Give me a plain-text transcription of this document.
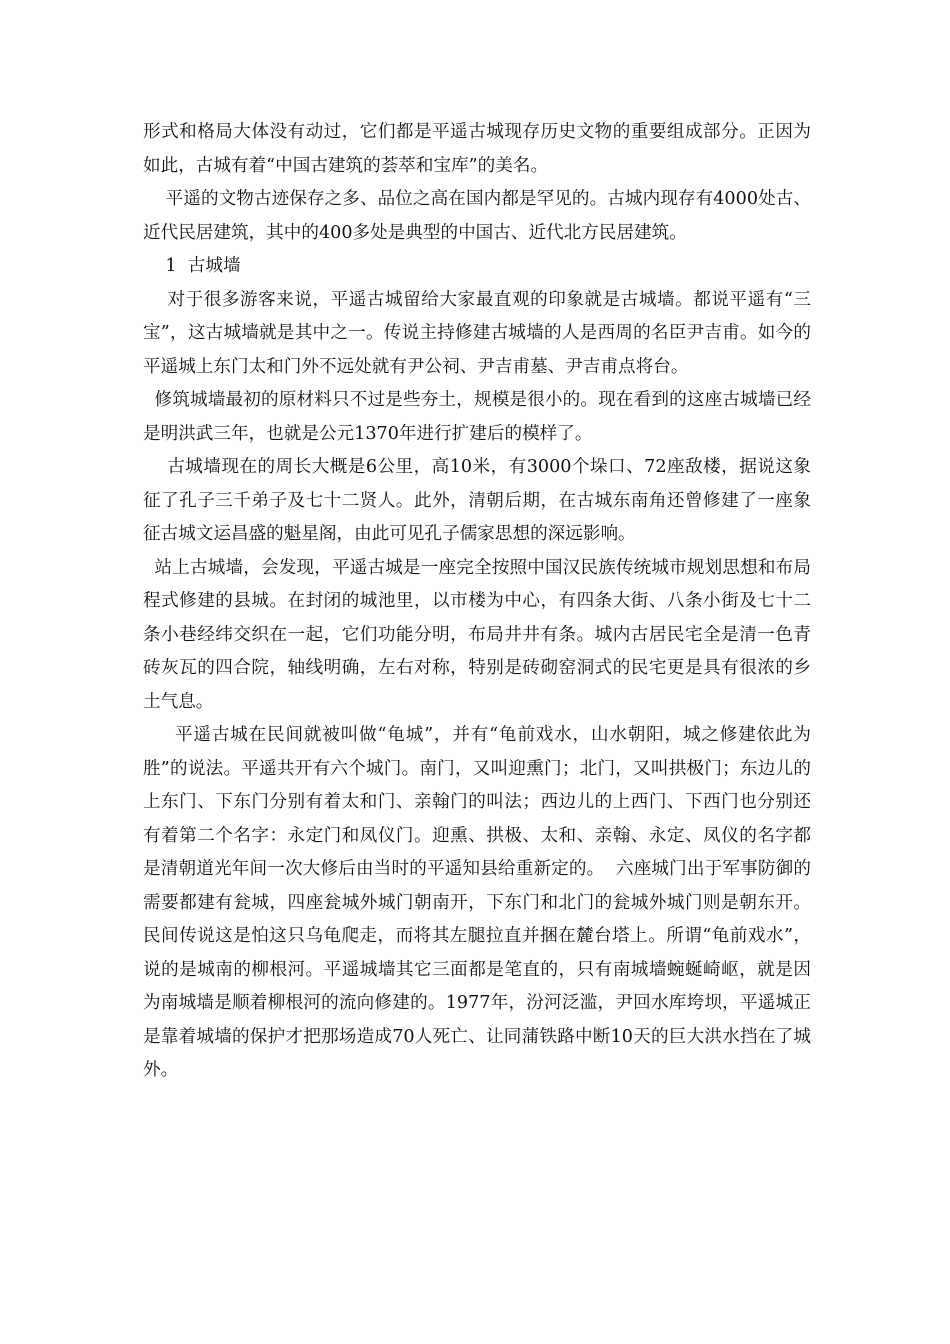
形式和格局大体没有动过，它们都是平遥古城现存历史文物的重要组成部分。正因为如此，古城有着“中国古建筑的荟萃和宝库”的美名。

平遥的文物古迹保存之多、品位之高在国内都是罕见的。古城内现存有4000处古、近代民居建筑，其中的400多处是典型的中国古、近代北方民居建筑。

1  古城墙

对于很多游客来说，平遥古城留给大家最直观的印象就是古城墙。都说平遥有“三宝”，这古城墙就是其中之一。传说主持修建古城墙的人是西周的名臣尹吉甫。如今的平遥城上东门太和门外不远处就有尹公祠、尹吉甫墓、尹吉甫点将台。

修筑城墙最初的原材料只不过是些夯土，规模是很小的。现在看到的这座古城墙已经是明洪武三年，也就是公元1370年进行扩建后的模样了。

古城墙现在的周长大概是6公里，高10米，有3000个垛口、72座敌楼，据说这象征了孔子三千弟子及七十二贤人。此外，清朝后期，在古城东南角还曾修建了一座象征古城文运昌盛的魁星阁，由此可见孔子儒家思想的深远影响。

站上古城墙，会发现，平遥古城是一座完全按照中国汉民族传统城市规划思想和布局程式修建的县城。在封闭的城池里，以市楼为中心，有四条大街、八条小街及七十二条小巷经纬交织在一起，它们功能分明，布局井井有条。城内古居民宅全是清一色青砖灰瓦的四合院，轴线明确，左右对称，特别是砖砌窑洞式的民宅更是具有很浓的乡土气息。

平遥古城在民间就被叫做“龟城”，并有“龟前戏水，山水朝阳，城之修建依此为胜”的说法。平遥共开有六个城门。南门，又叫迎熏门；北门，又叫拱极门；东边儿的上东门、下东门分别有着太和门、亲翰门的叫法；西边儿的上西门、下西门也分别还有着第二个名字：永定门和凤仪门。迎熏、拱极、太和、亲翰、永定、凤仪的名字都是清朝道光年间一次大修后由当时的平遥知县给重新定的。  六座城门出于军事防御的需要都建有瓮城，四座瓮城外城门朝南开，下东门和北门的瓮城外城门则是朝东开。民间传说这是怕这只乌龟爬走，而将其左腿拉直并捆在麓台塔上。所谓“龟前戏水”，说的是城南的柳根河。平遥城墙其它三面都是笔直的，只有南城墙蜿蜒崎岖，就是因为南城墙是顺着柳根河的流向修建的。1977年，汾河泛滥，尹回水库垮坝，平遥城正是靠着城墙的保护才把那场造成70人死亡、让同蒲铁路中断10天的巨大洪水挡在了城外。
